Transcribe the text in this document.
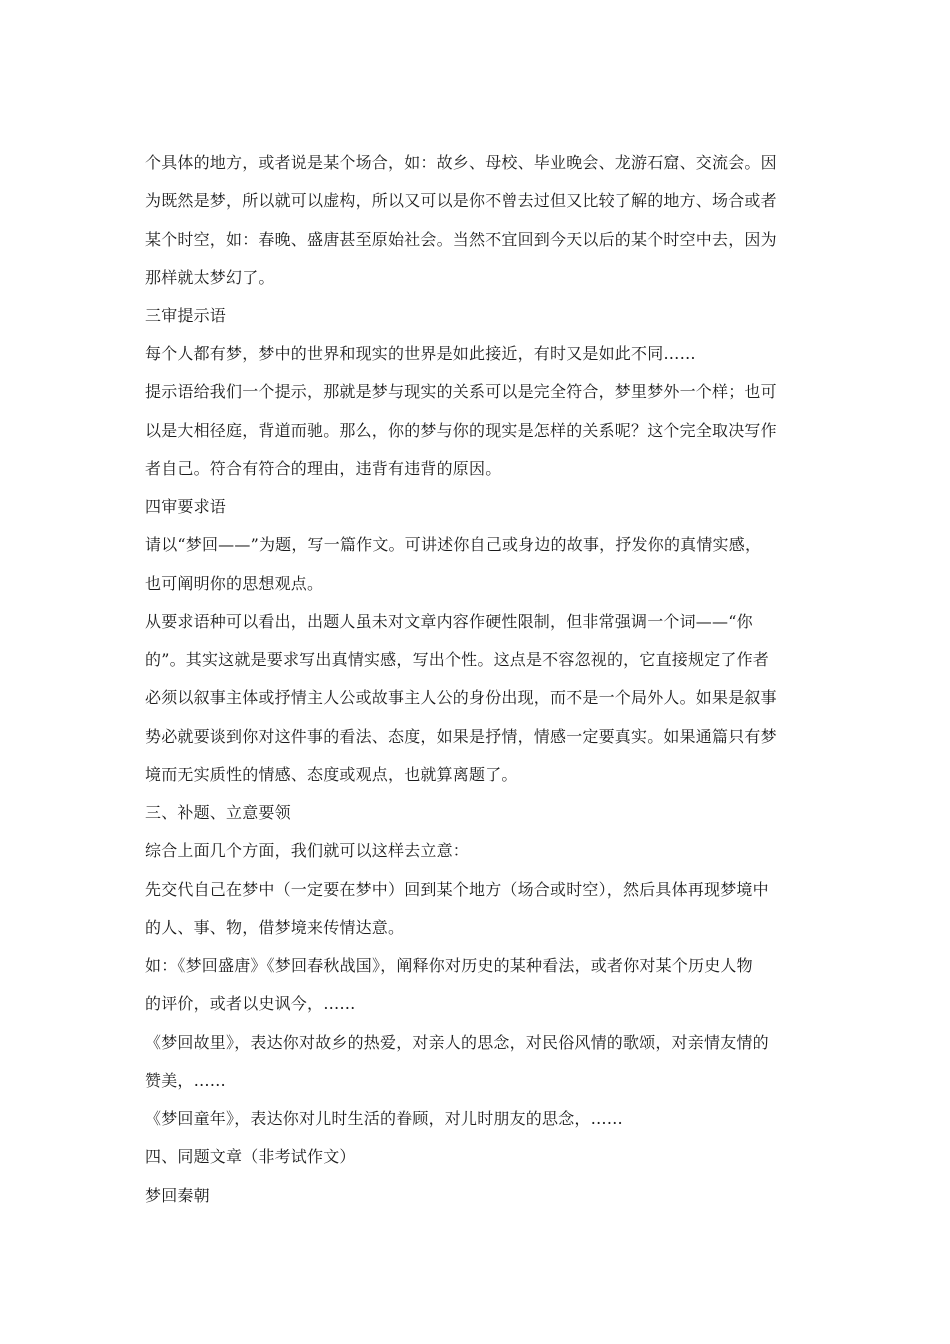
个具体的地方，或者说是某个场合，如：故乡、母校、毕业晚会、龙游石窟、交流会。因
为既然是梦，所以就可以虚构，所以又可以是你不曾去过但又比较了解的地方、场合或者
某个时空，如：春晚、盛唐甚至原始社会。当然不宜回到今天以后的某个时空中去，因为
那样就太梦幻了。
三审提示语
每个人都有梦，梦中的世界和现实的世界是如此接近，有时又是如此不同……
提示语给我们一个提示，那就是梦与现实的关系可以是完全符合，梦里梦外一个样；也可
以是大相径庭，背道而驰。那么，你的梦与你的现实是怎样的关系呢？这个完全取决写作
者自己。符合有符合的理由，违背有违背的原因。
四审要求语
请以“梦回——”为题，写一篇作文。可讲述你自己或身边的故事，抒发你的真情实感，
也可阐明你的思想观点。
从要求语种可以看出，出题人虽未对文章内容作硬性限制，但非常强调一个词——“你
的”。其实这就是要求写出真情实感，写出个性。这点是不容忽视的，它直接规定了作者
必须以叙事主体或抒情主人公或故事主人公的身份出现，而不是一个局外人。如果是叙事
势必就要谈到你对这件事的看法、态度，如果是抒情，情感一定要真实。如果通篇只有梦
境而无实质性的情感、态度或观点，也就算离题了。
三、补题、立意要领
综合上面几个方面，我们就可以这样去立意：
先交代自己在梦中（一定要在梦中）回到某个地方（场合或时空），然后具体再现梦境中
的人、事、物，借梦境来传情达意。
如：《梦回盛唐》《梦回春秋战国》，阐释你对历史的某种看法，或者你对某个历史人物
的评价，或者以史讽今，……
《梦回故里》，表达你对故乡的热爱，对亲人的思念，对民俗风情的歌颂，对亲情友情的
赞美，……
《梦回童年》，表达你对儿时生活的眷顾，对儿时朋友的思念，……
四、同题文章（非考试作文）
梦回秦朝
